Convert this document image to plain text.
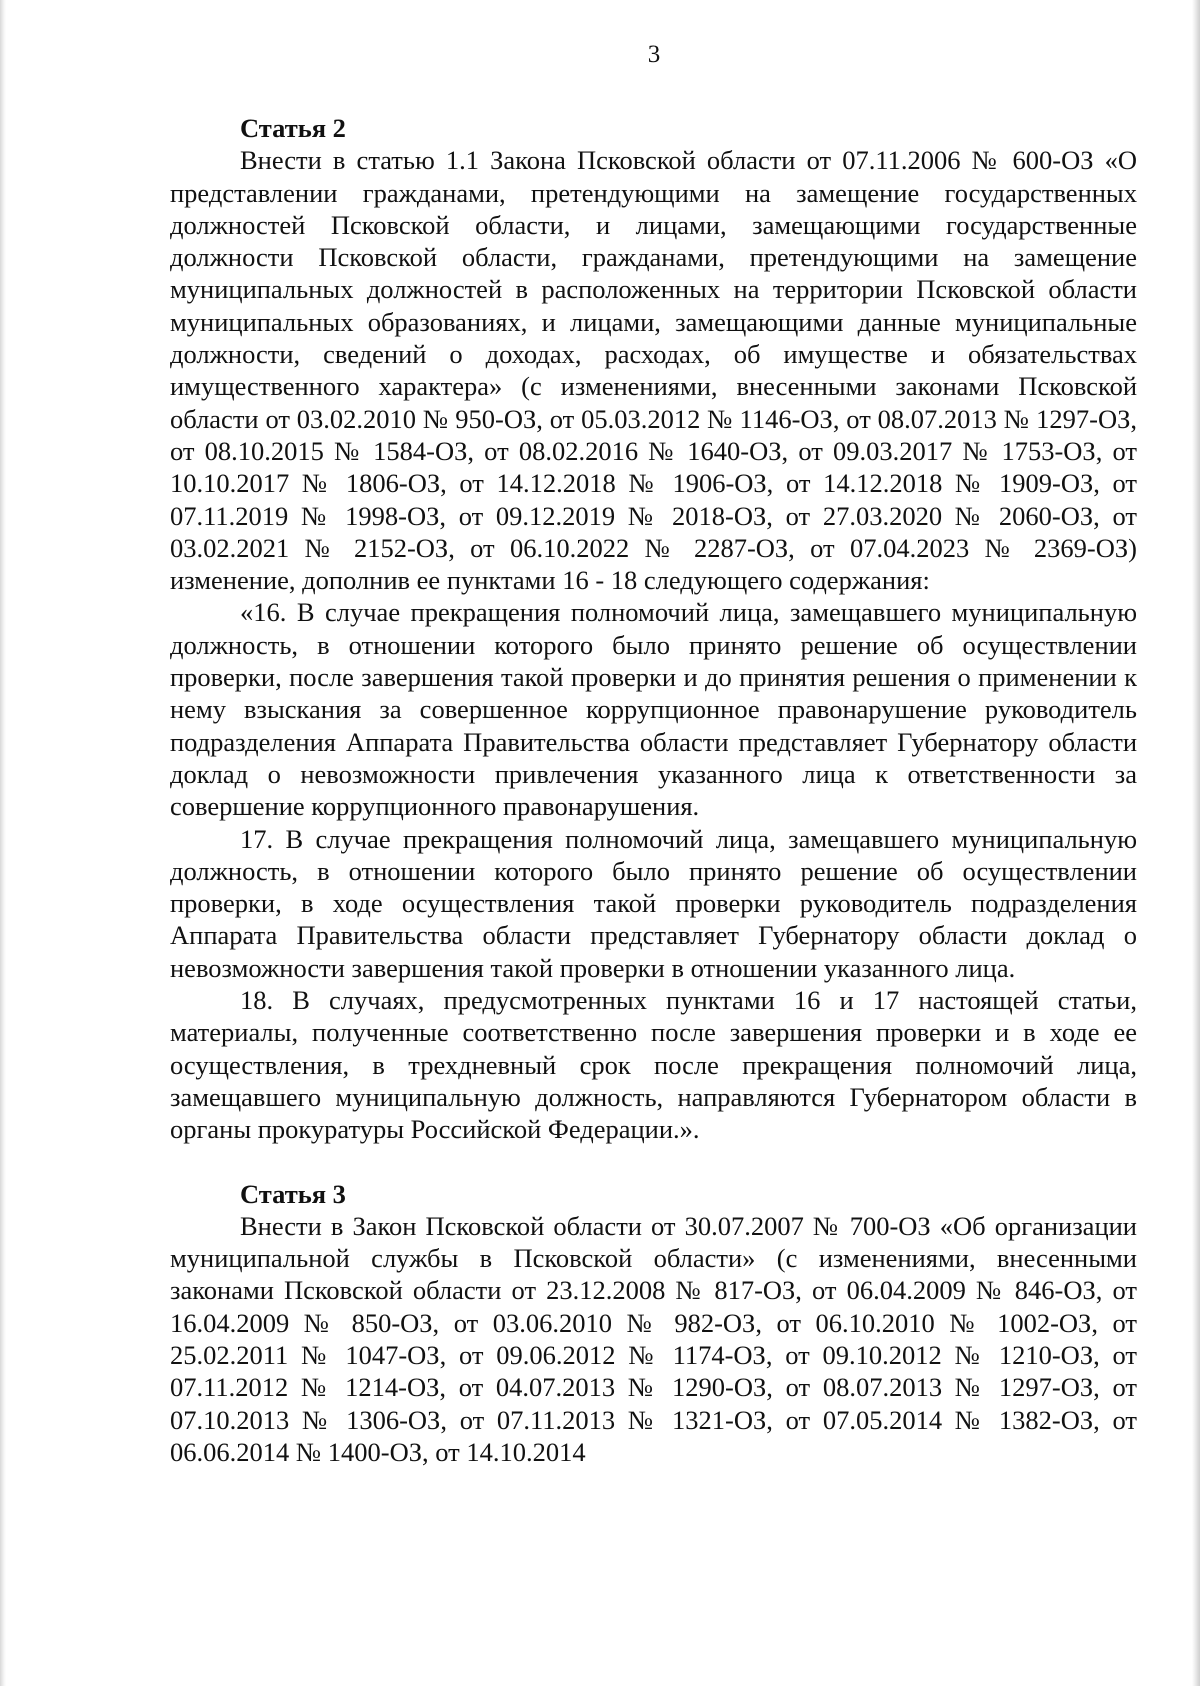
3

Статья 2

Внести в статью 1.1 Закона Псковской области от 07.11.2006 № 600-ОЗ «О представлении гражданами, претендующими на замещение государственных должностей Псковской области, и лицами, замещающими государственные должности Псковской области, гражданами, претендующими на замещение муниципальных должностей в расположенных на территории Псковской области муниципальных образованиях, и лицами, замещающими данные муниципальные должности, сведений о доходах, расходах, об имуществе и обязательствах имущественного характера» (с изменениями, внесенными законами Псковской области от 03.02.2010 № 950-ОЗ, от 05.03.2012 № 1146-ОЗ, от 08.07.2013 № 1297-ОЗ, от 08.10.2015 № 1584-ОЗ, от 08.02.2016 № 1640-ОЗ, от 09.03.2017 № 1753-ОЗ, от 10.10.2017 № 1806-ОЗ, от 14.12.2018 № 1906-ОЗ, от 14.12.2018 № 1909-ОЗ, от 07.11.2019 № 1998-ОЗ, от 09.12.2019 № 2018-ОЗ, от 27.03.2020 № 2060-ОЗ, от 03.02.2021 № 2152-ОЗ, от 06.10.2022 № 2287-ОЗ, от 07.04.2023 № 2369-ОЗ) изменение, дополнив ее пунктами 16 - 18 следующего содержания:

«16. В случае прекращения полномочий лица, замещавшего муниципальную должность, в отношении которого было принято решение об осуществлении проверки, после завершения такой проверки и до принятия решения о применении к нему взыскания за совершенное коррупционное правонарушение руководитель подразделения Аппарата Правительства области представляет Губернатору области доклад о невозможности привлечения указанного лица к ответственности за совершение коррупционного правонарушения.

17. В случае прекращения полномочий лица, замещавшего муниципальную должность, в отношении которого было принято решение об осуществлении проверки, в ходе осуществления такой проверки руководитель подразделения Аппарата Правительства области представляет Губернатору области доклад о невозможности завершения такой проверки в отношении указанного лица.

18. В случаях, предусмотренных пунктами 16 и 17 настоящей статьи, материалы, полученные соответственно после завершения проверки и в ходе ее осуществления, в трехдневный срок после прекращения полномочий лица, замещавшего муниципальную должность, направляются Губернатором области в органы прокуратуры Российской Федерации.».

Статья 3

Внести в Закон Псковской области от 30.07.2007 № 700-ОЗ «Об организации муниципальной службы в Псковской области» (с изменениями, внесенными законами Псковской области от 23.12.2008 № 817-ОЗ, от 06.04.2009 № 846-ОЗ, от 16.04.2009 № 850-ОЗ, от 03.06.2010 № 982-ОЗ, от 06.10.2010 № 1002-ОЗ, от 25.02.2011 № 1047-ОЗ, от 09.06.2012 № 1174-ОЗ, от 09.10.2012 № 1210-ОЗ, от 07.11.2012 № 1214-ОЗ, от 04.07.2013 № 1290-ОЗ, от 08.07.2013 № 1297-ОЗ, от 07.10.2013 № 1306-ОЗ, от 07.11.2013 № 1321-ОЗ, от 07.05.2014 № 1382-ОЗ, от 06.06.2014 № 1400-ОЗ, от 14.10.2014
